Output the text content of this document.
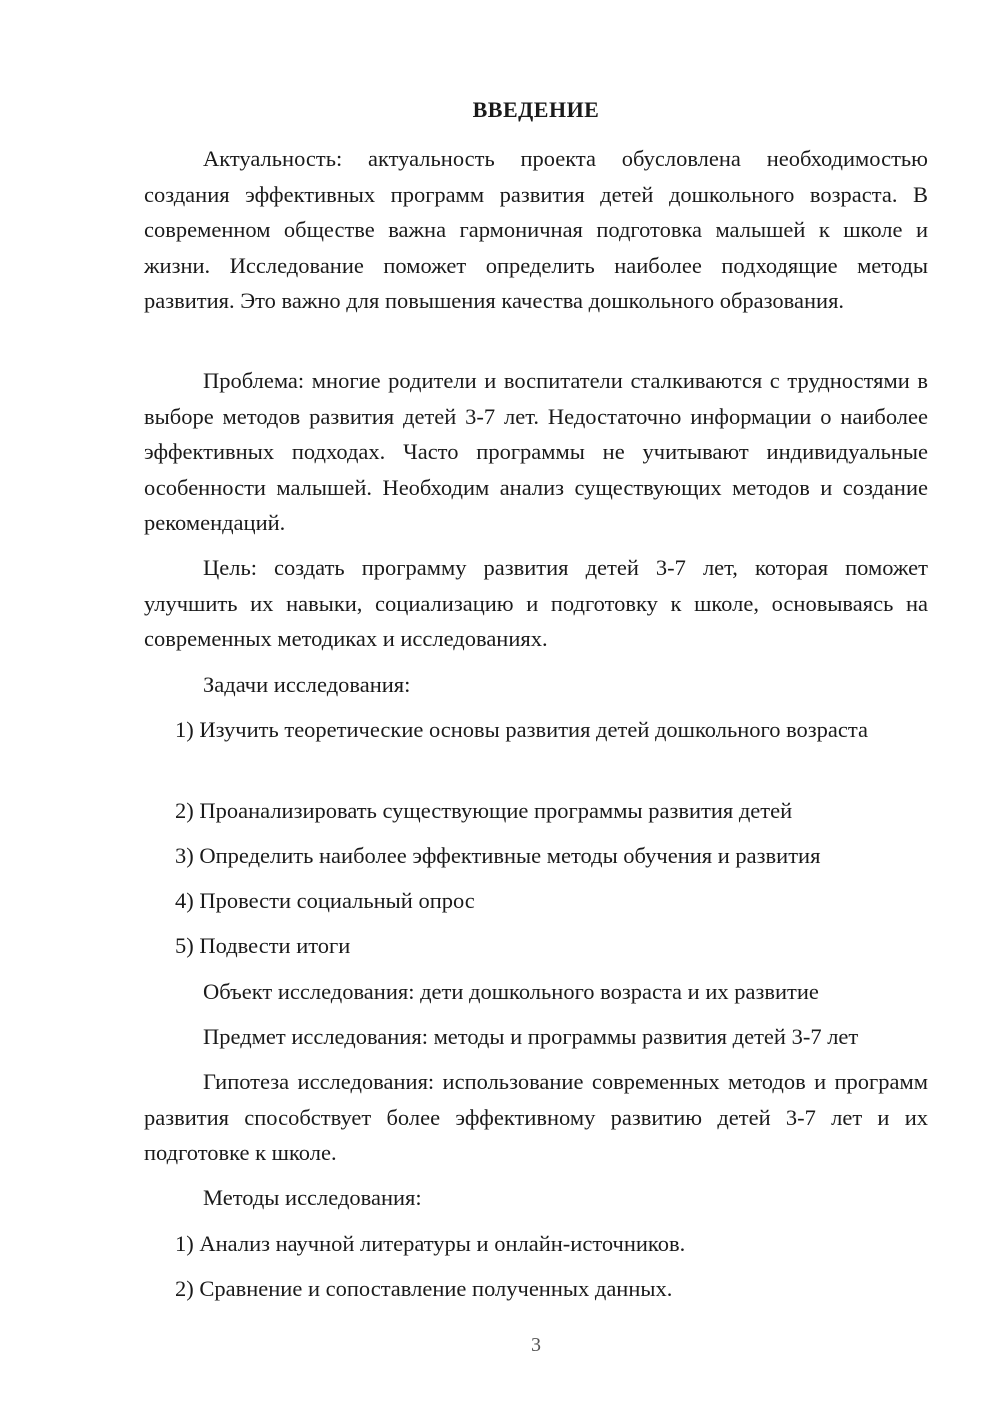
ВВЕДЕНИЕ

Актуальность: актуальность проекта обусловлена необходимостью создания эффективных программ развития детей дошкольного возраста. В современном обществе важна гармоничная подготовка малышей к школе и жизни. Исследование поможет определить наиболее подходящие методы развития. Это важно для повышения качества дошкольного образования.

Проблема: многие родители и воспитатели сталкиваются с трудностями в выборе методов развития детей 3-7 лет. Недостаточно информации о наиболее эффективных подходах. Часто программы не учитывают индивидуальные особенности малышей. Необходим анализ существующих методов и создание рекомендаций.

Цель: создать программу развития детей 3-7 лет, которая поможет улучшить их навыки, социализацию и подготовку к школе, основываясь на современных методиках и исследованиях.

Задачи исследования:

1) Изучить теоретические основы развития детей дошкольного возраста

2) Проанализировать существующие программы развития детей

3) Определить наиболее эффективные методы обучения и развития

4) Провести социальный опрос

5) Подвести итоги

Объект исследования: дети дошкольного возраста и их развитие

Предмет исследования: методы и программы развития детей 3-7 лет

Гипотеза исследования: использование современных методов и программ развития способствует более эффективному развитию детей 3-7 лет и их подготовке к школе.

Методы исследования:

1) Анализ научной литературы и онлайн-источников.

2) Сравнение и сопоставление полученных данных.

3
